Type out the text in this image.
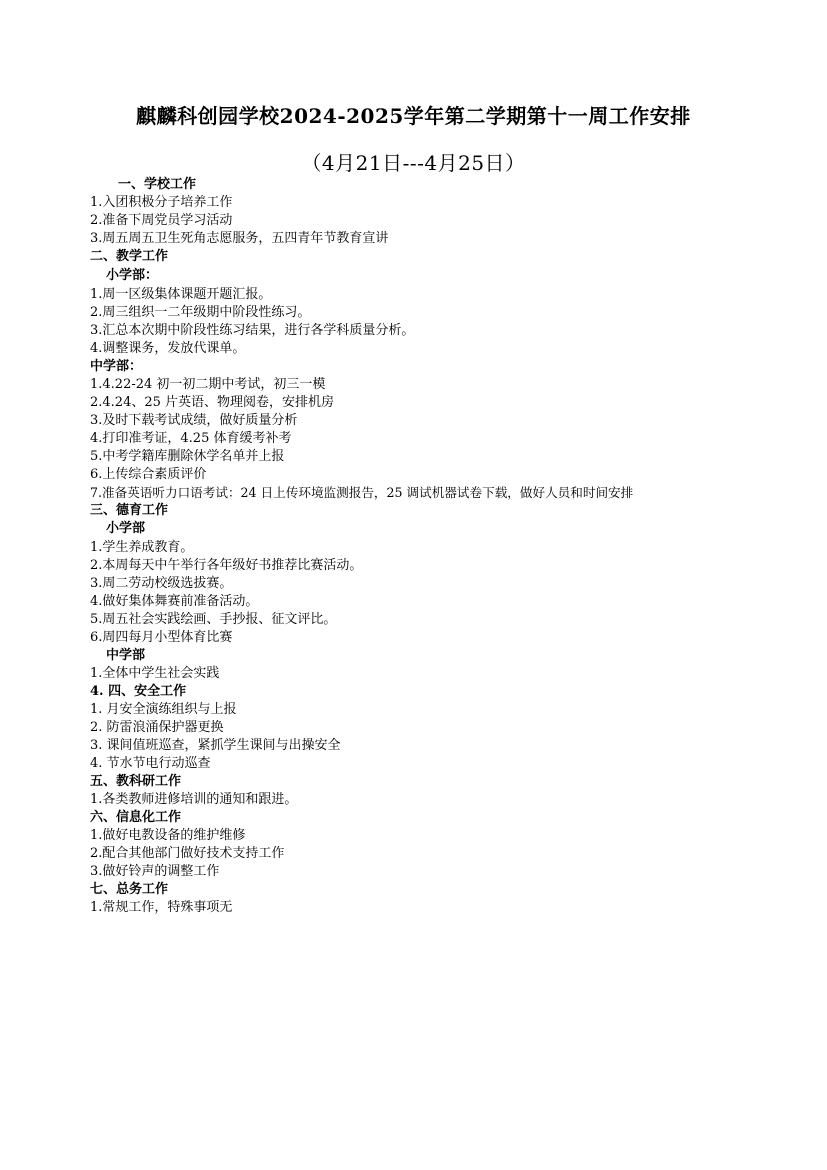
麒麟科创园学校2024-2025学年第二学期第十一周工作安排
（4月21日---4月25日）
一、学校工作
1.入团积极分子培养工作
2.准备下周党员学习活动
3.周五周五卫生死角志愿服务，五四青年节教育宣讲
二、教学工作
小学部：
1.周一区级集体课题开题汇报。
2.周三组织一二年级期中阶段性练习。
3.汇总本次期中阶段性练习结果，进行各学科质量分析。
4.调整课务，发放代课单。
中学部：
1.4.22-24 初一初二期中考试，初三一模
2.4.24、25 片英语、物理阅卷，安排机房
3.及时下载考试成绩，做好质量分析
4.打印准考证，4.25 体育缓考补考
5.中考学籍库删除休学名单并上报
6.上传综合素质评价
7.准备英语听力口语考试：24 日上传环境监测报告，25 调试机器试卷下载，做好人员和时间安排
三、德育工作
小学部
1.学生养成教育。
2.本周每天中午举行各年级好书推荐比赛活动。
3.周二劳动校级选拔赛。
4.做好集体舞赛前准备活动。
5.周五社会实践绘画、手抄报、征文评比。
6.周四每月小型体育比赛
中学部
1.全体中学生社会实践
4. 四、安全工作
1. 月安全演练组织与上报
2. 防雷浪涌保护器更换
3. 课间值班巡查，紧抓学生课间与出操安全
4. 节水节电行动巡查
五、教科研工作
1.各类教师进修培训的通知和跟进。
六、信息化工作
1.做好电教设备的维护维修
2.配合其他部门做好技术支持工作
3.做好铃声的调整工作
七、总务工作
1.常规工作，特殊事项无
